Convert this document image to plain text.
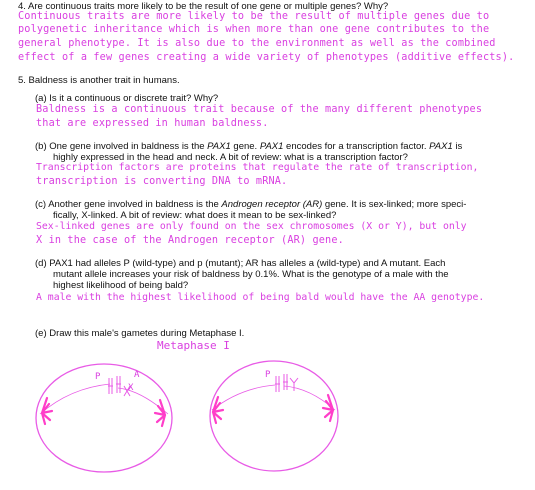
4. Are continuous traits more likely to be the result of one gene or multiple genes? Why?
Continuous traits are more likely to be the result of multiple genes due to
polygenetic inheritance which is when more than one gene contributes to the
general phenotype. It is also due to the environment as well as the combined
effect of a few genes creating a wide variety of phenotypes (additive effects).
5. Baldness is another trait in humans.
(a) Is it a continuous or discrete trait? Why?
Baldness is a continuous trait because of the many different phenotypes
that are expressed in human baldness.
(b) One gene involved in baldness is the PAX1 gene. PAX1 encodes for a transcription factor. PAX1 is
highly expressed in the head and neck. A bit of review: what is a transcription factor?
Transcription factors are proteins that regulate the rate of transcription,
transcription is converting DNA to mRNA.
(c) Another gene involved in baldness is the Androgen receptor (AR) gene. It is sex-linked; more speci-
fically, X-linked. A bit of review: what does it mean to be sex-linked?
Sex-linked genes are only found on the sex chromosomes (X or Y), but only
X in the case of the Androgen receptor (AR) gene.
(d) PAX1 had alleles P (wild-type) and p (mutant); AR has alleles a (wild-type) and A mutant. Each
mutant allele increases your risk of baldness by 0.1%. What is the genotype of a male with the
highest likelihood of being bald?
A male with the highest likelihood of being bald would have the AA genotype.
(e) Draw this male's gametes during Metaphase I.
Metaphase I
P
X
A	P
